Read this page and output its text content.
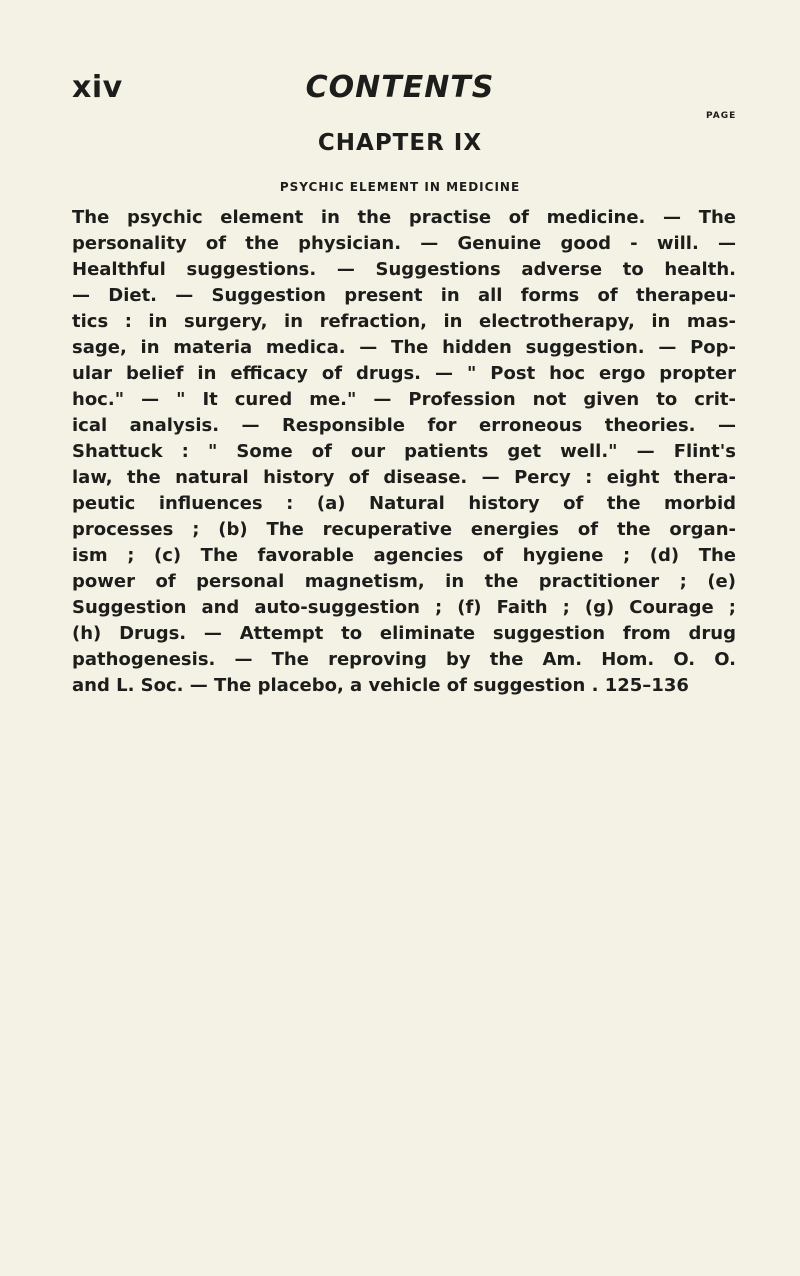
xiv	CONTENTS
PAGE
CHAPTER IX
PSYCHIC ELEMENT IN MEDICINE
The psychic element in the practise of medicine. — The
personality of the physician. — Genuine good - will. —
Healthful suggestions. — Suggestions adverse to health.
— Diet. — Suggestion present in all forms of therapeu-
tics : in surgery, in refraction, in electrotherapy, in mas-
sage, in materia medica. — The hidden suggestion. — Pop-
ular belief in efficacy of drugs. — " Post hoc ergo propter
hoc." — " It cured me." — Profession not given to crit-
ical analysis. — Responsible for erroneous theories. —
Shattuck : " Some of our patients get well." — Flint's
law, the natural history of disease. — Percy : eight thera-
peutic influences : (a) Natural history of the morbid
processes ; (b) The recuperative energies of the organ-
ism ; (c) The favorable agencies of hygiene ; (d) The
power of personal magnetism, in the practitioner ; (e)
Suggestion and auto-suggestion ; (f) Faith ; (g) Courage ;
(h) Drugs. — Attempt to eliminate suggestion from drug
pathogenesis. — The reproving by the Am. Hom. O. O.
and L. Soc. — The placebo, a vehicle of suggestion . 125–136
